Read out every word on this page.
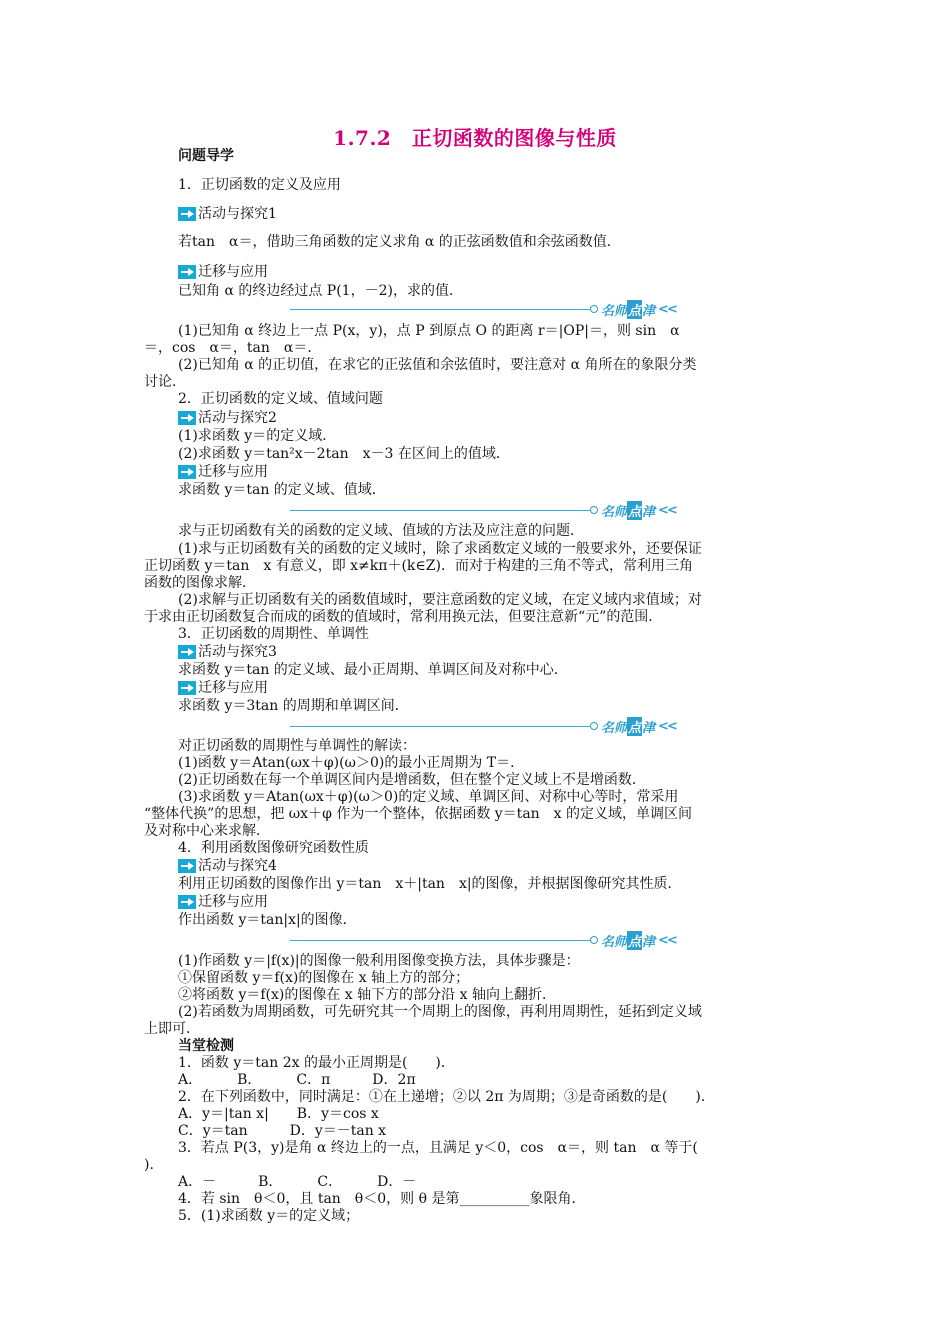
1.7.2　正切函数的图像与性质
问题导学
1．正切函数的定义及应用
活动与探究1
若tan　α＝，借助三角函数的定义求角 α 的正弦函数值和余弦函数值．
迁移与应用
已知角 α 的终边经过点 P(1，－2)，求的值．
名师 点 津 <<
(1)已知角 α 终边上一点 P(x，y)，点 P 到原点 O 的距离 r＝|OP|＝，则 sin　α
＝，cos　α＝，tan　α＝．
(2)已知角 α 的正切值，在求它的正弦值和余弦值时，要注意对 α 角所在的象限分类
讨论．
2．正切函数的定义域、值域问题
活动与探究2
(1)求函数 y＝的定义域．
(2)求函数 y＝tan²x－2tan　x－3 在区间上的值域．
迁移与应用
求函数 y＝tan 的定义域、值域．
名师 点 津 <<
求与正切函数有关的函数的定义域、值域的方法及应注意的问题．
(1)求与正切函数有关的函数的定义域时，除了求函数定义域的一般要求外，还要保证
正切函数 y＝tan　x 有意义，即 x≠kπ＋(k∈Z)．而对于构建的三角不等式，常利用三角
函数的图像求解．
(2)求解与正切函数有关的函数值域时，要注意函数的定义域，在定义域内求值域；对
于求由正切函数复合而成的函数的值域时，常利用换元法，但要注意新“元”的范围．
3．正切函数的周期性、单调性
活动与探究3
求函数 y＝tan 的定义域、最小正周期、单调区间及对称中心．
迁移与应用
求函数 y＝3tan 的周期和单调区间．
名师 点 津 <<
对正切函数的周期性与单调性的解读：
(1)函数 y＝Atan(ωx＋φ)(ω＞0)的最小正周期为 T＝．
(2)正切函数在每一个单调区间内是增函数，但在整个定义域上不是增函数．
(3)求函数 y＝Atan(ωx＋φ)(ω＞0)的定义域、单调区间、对称中心等时，常采用
“整体代换”的思想，把 ωx＋φ 作为一个整体，依据函数 y＝tan　x 的定义域，单调区间
及对称中心来求解．
4．利用函数图像研究函数性质
活动与探究4
利用正切函数的图像作出 y＝tan　x＋|tan　x|的图像，并根据图像研究其性质．
迁移与应用
作出函数 y＝tan|x|的图像．
名师 点 津 <<
(1)作函数 y＝|f(x)|的图像一般利用图像变换方法，具体步骤是：
①保留函数 y＝f(x)的图像在 x 轴上方的部分；
②将函数 y＝f(x)的图像在 x 轴下方的部分沿 x 轴向上翻折．
(2)若函数为周期函数，可先研究其一个周期上的图像，再利用周期性，延拓到定义域
上即可．
当堂检测
1．函数 y＝tan 2x 的最小正周期是(　　)．
A．　　　B．　　　C．π　　　D．2π
2．在下列函数中，同时满足：①在上递增；②以 2π 为周期；③是奇函数的是(　　)．
A．y＝|tan x|　　B．y＝cos x
C．y＝tan　　　D．y＝－tan x
3．若点 P(3，y)是角 α 终边上的一点，且满足 y＜0，cos　α＝，则 tan　α 等于(
)．
A．－　　　B．　　　C．　　　D．－
4．若 sin　θ＜0，且 tan　θ＜0，则 θ 是第__________象限角．
5．(1)求函数 y＝的定义域；
